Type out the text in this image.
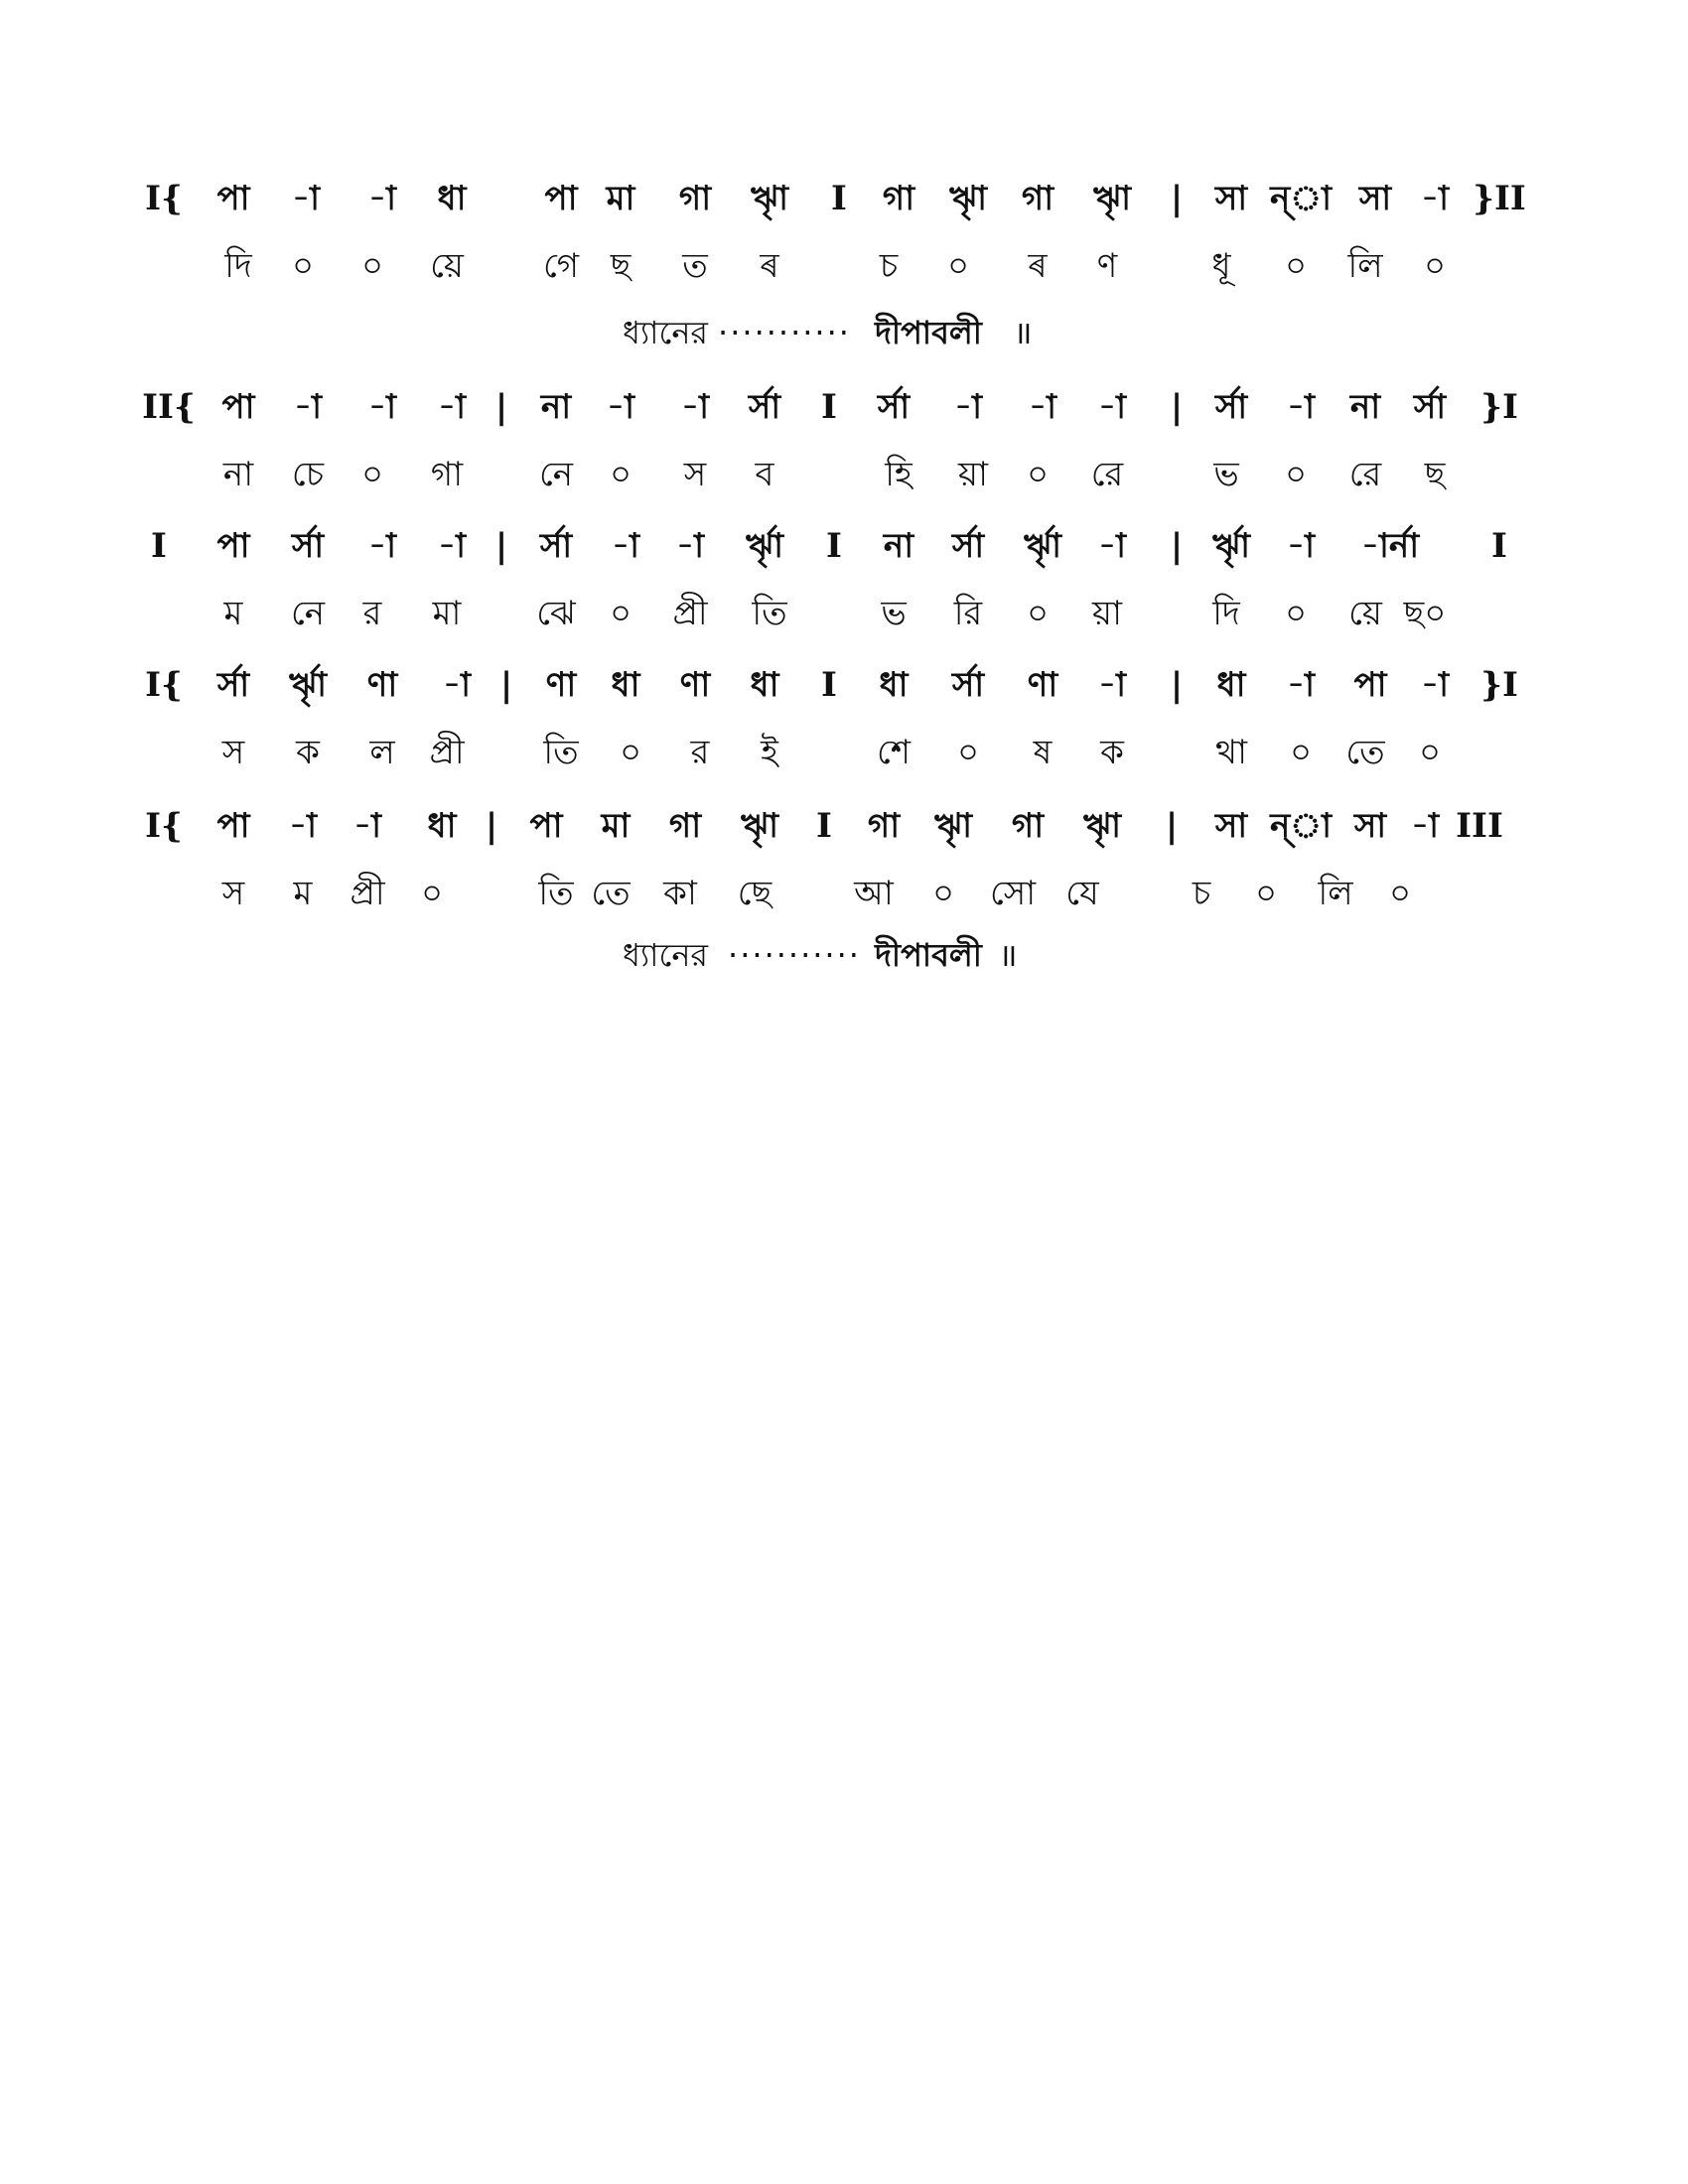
I{ পা -া -া ধা পা মা গা ৠা I গা ৠা গা ৠা | সা ন্া সা -া }II
দি ০ ০ য়ে গে ছ ত ৰ	চ ০ ৰ ণ	ধূ ০ লি ০
ধ্যানের ··········· দীপাবলী ॥
II{ পা -া -া -া | না -া -া র্সা I র্সা -া -া -া | র্সা -া না র্সা }I
না চে ০ গা নে ০ স ব	হি য়া ০ রে	ভ ০ রে ছ
I পা র্সা -া -া | র্সা -া -া র্ৠা I না র্সা র্ৠা -া | র্ৠা -া -ার্না I
ম নে র মা ঝে ০ প্রী তি	ভ রি ০ য়া	দি ০ য়ে ছ০
I{ র্সা র্ৠা ণা -া | ণা ধা ণা ধা I ধা র্সা ণা -া | ধা -া পা -া }I
স ক ল প্রী তি ০ র ই	শে ০ ষ ক	থা ০ তে ০
I{ পা -া -া ধা | পা মা গা ৠা I গা ৠা গা ৠা | সা ন্া সা -া III
স ম প্রী ০	তি তে কা ছে আ ০ সো যে	চ ০ লি ০
ধ্যানের ··········· দীপাবলী ॥
